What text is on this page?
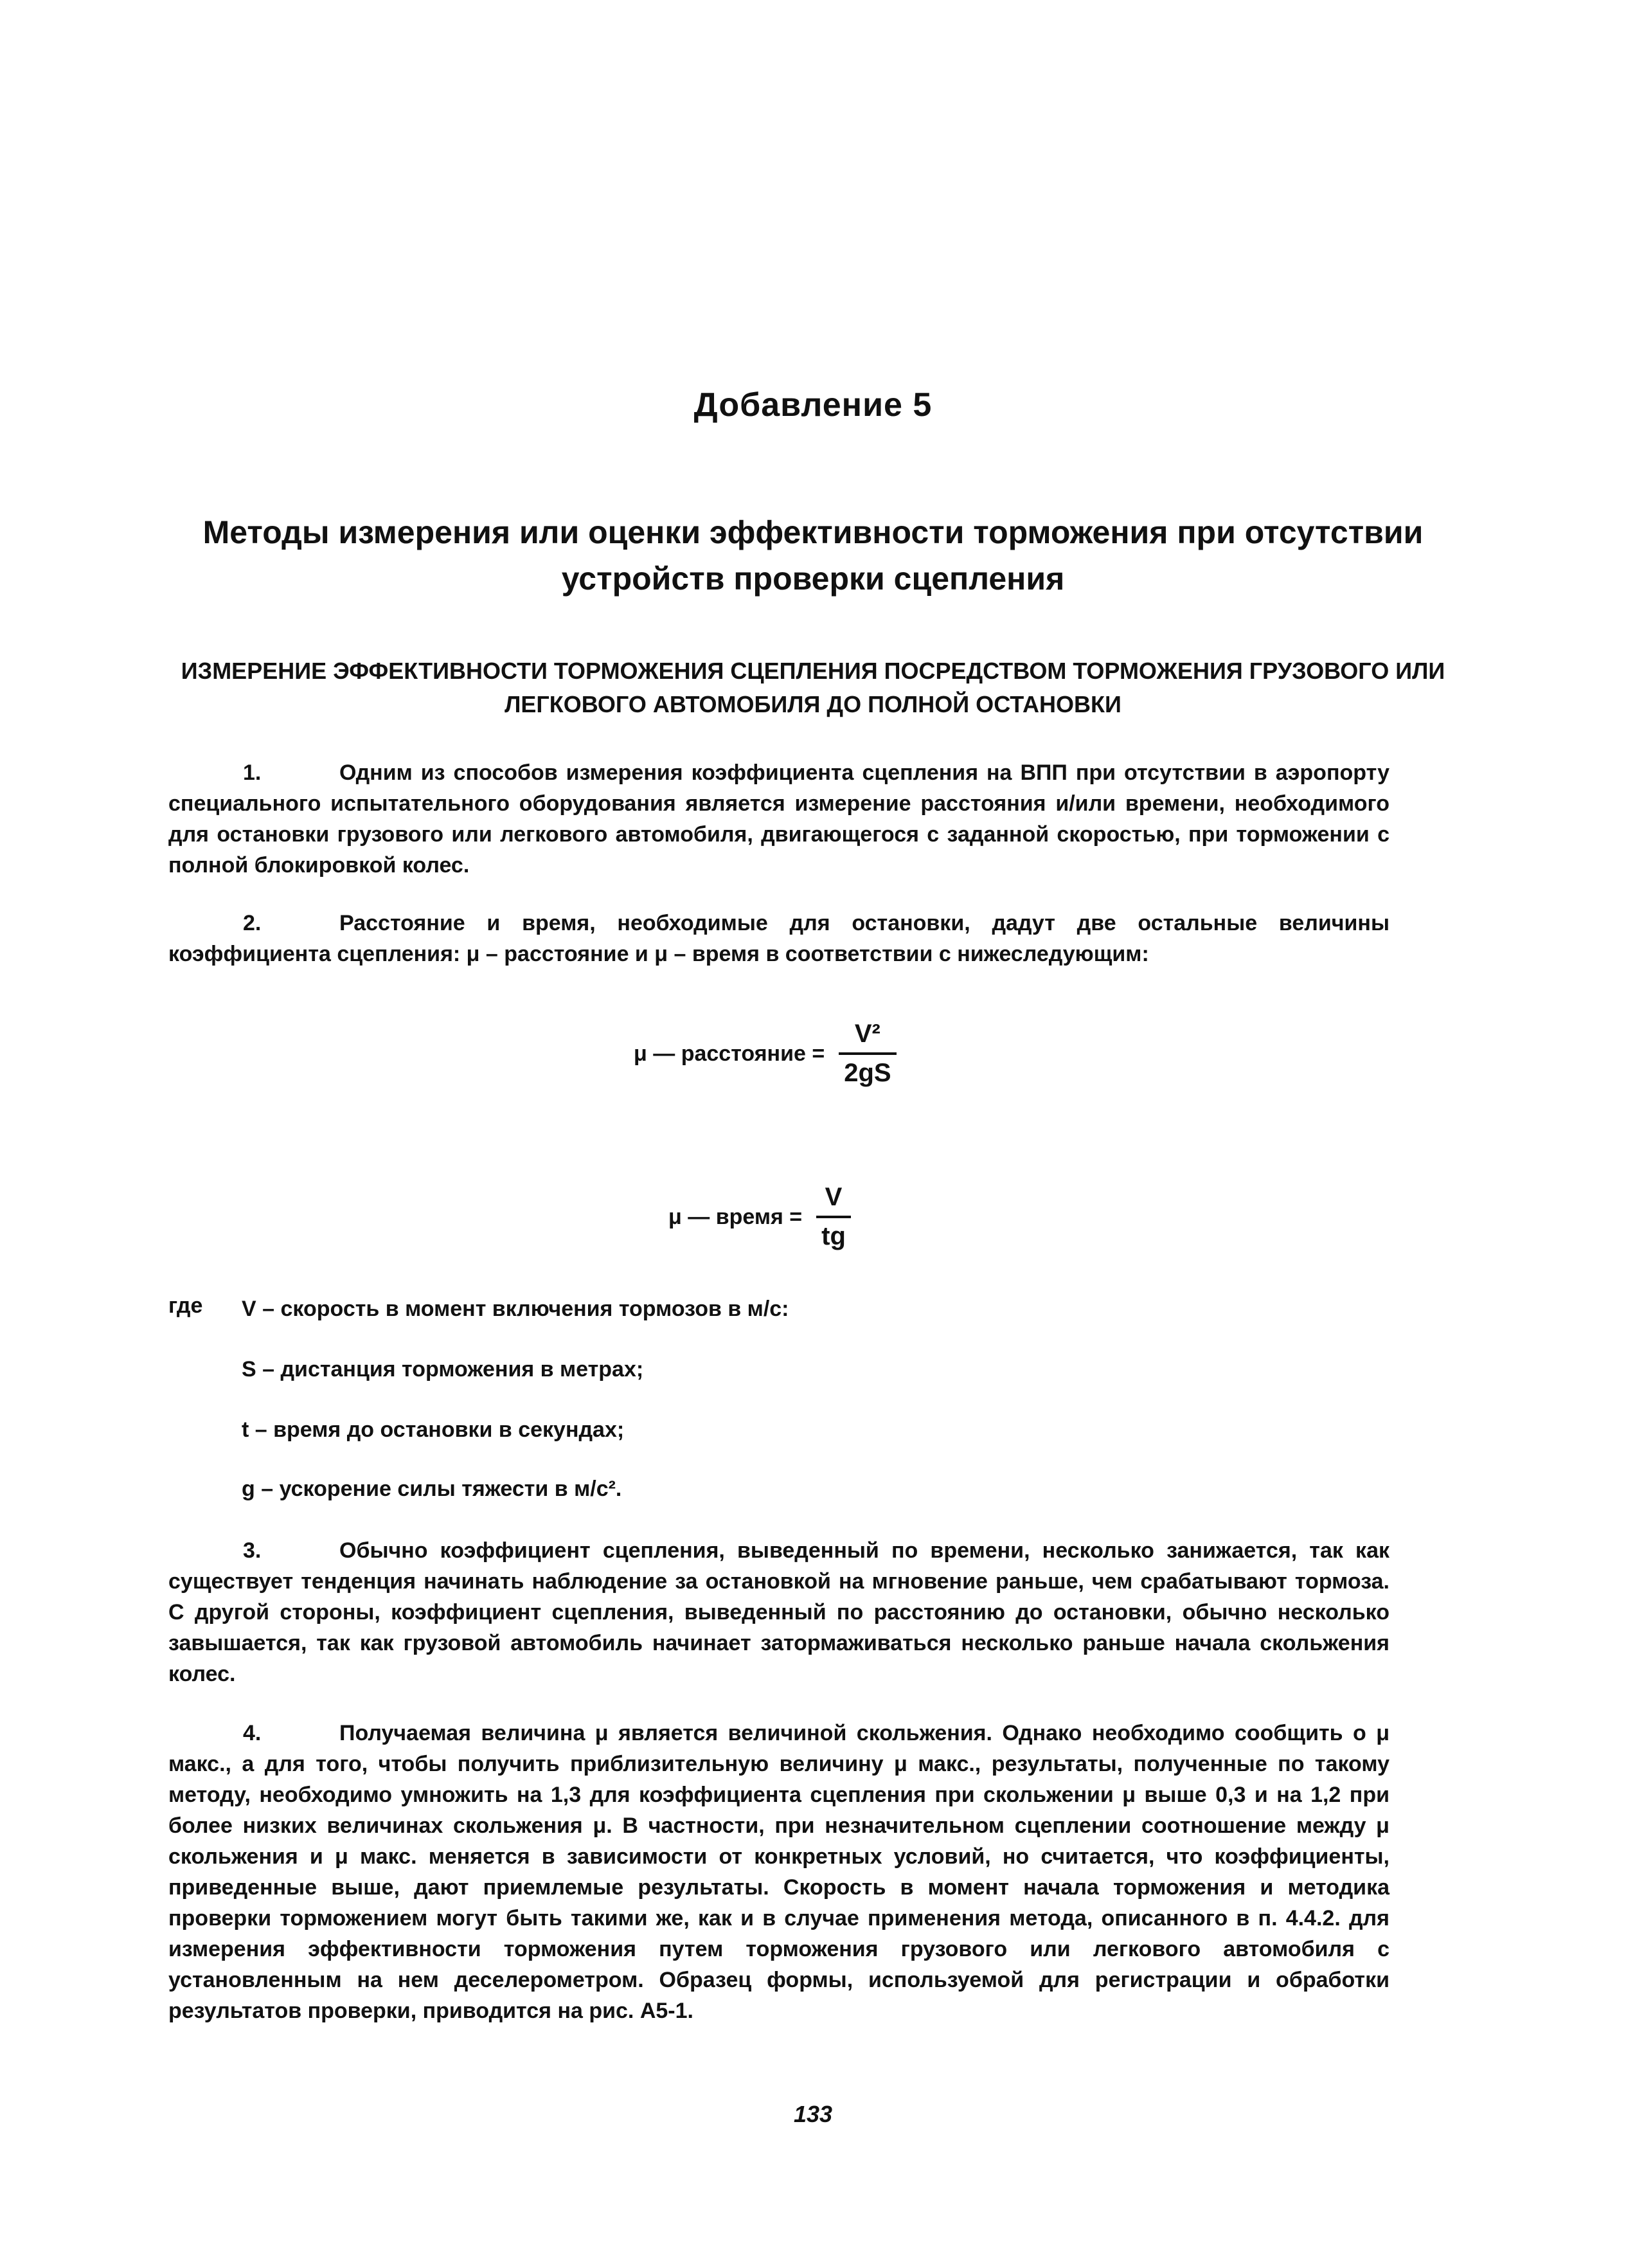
Добавление 5
Методы измерения или оценки эффективности торможения при отсутствии устройств проверки сцепления
ИЗМЕРЕНИЕ ЭФФЕКТИВНОСТИ ТОРМОЖЕНИЯ СЦЕПЛЕНИЯ ПОСРЕДСТВОМ ТОРМОЖЕНИЯ ГРУЗОВОГО ИЛИ ЛЕГКОВОГО АВТОМОБИЛЯ ДО ПОЛНОЙ ОСТАНОВКИ

1.	Одним из способов измерения коэффициента сцепления на ВПП при отсутствии в аэропорту специального испытательного оборудования является измерение расстояния и/или времени, необходимого для остановки грузового или легкового автомобиля, двигающегося с заданной скоростью, при торможении с полной блокировкой колес.

2.	Расстояние и время, необходимые для остановки, дадут две остальные величины коэффициента сцепления: μ – расстояние и μ – время в соответствии с нижеследующим:

μ — расстояние = $\frac{\text{V²}}{2gS}$
μ — время = $\frac{V}{tg}$
где V – скорость в момент включения тормозов в м/с:
S – дистанция торможения в метрах;
t – время до остановки в секундах;
g – ускорение силы тяжести в м/с².

3.	Обычно коэффициент сцепления, выведенный по времени, несколько занижается, так как существует тенденция начинать наблюдение за остановкой на мгновение раньше, чем срабатывают тормоза. С другой стороны, коэффициент сцепления, выведенный по расстоянию до остановки, обычно несколько завышается, так как грузовой автомобиль начинает затормаживаться несколько раньше начала скольжения колес.

4.	Получаемая величина μ является величиной скольжения. Однако необходимо сообщить о μ макс., а для того, чтобы получить приблизительную величину μ макс., результаты, полученные по такому методу, необходимо умножить на 1,3 для коэффициента сцепления при скольжении μ выше 0,3 и на 1,2 при более низких величинах скольжения μ. В частности, при незначительном сцеплении соотношение между μ скольжения и μ макс. меняется в зависимости от конкретных условий, но считается, что коэффициенты, приведенные выше, дают приемлемые результаты. Скорость в момент начала торможения и методика проверки торможением могут быть такими же, как и в случае применения метода, описанного в п. 4.4.2. для измерения эффективности торможения путем торможения грузового или легкового автомобиля с установленным на нем деселерометром. Образец формы, используемой для регистрации и обработки результатов проверки, приводится на рис. А5-1.

133
